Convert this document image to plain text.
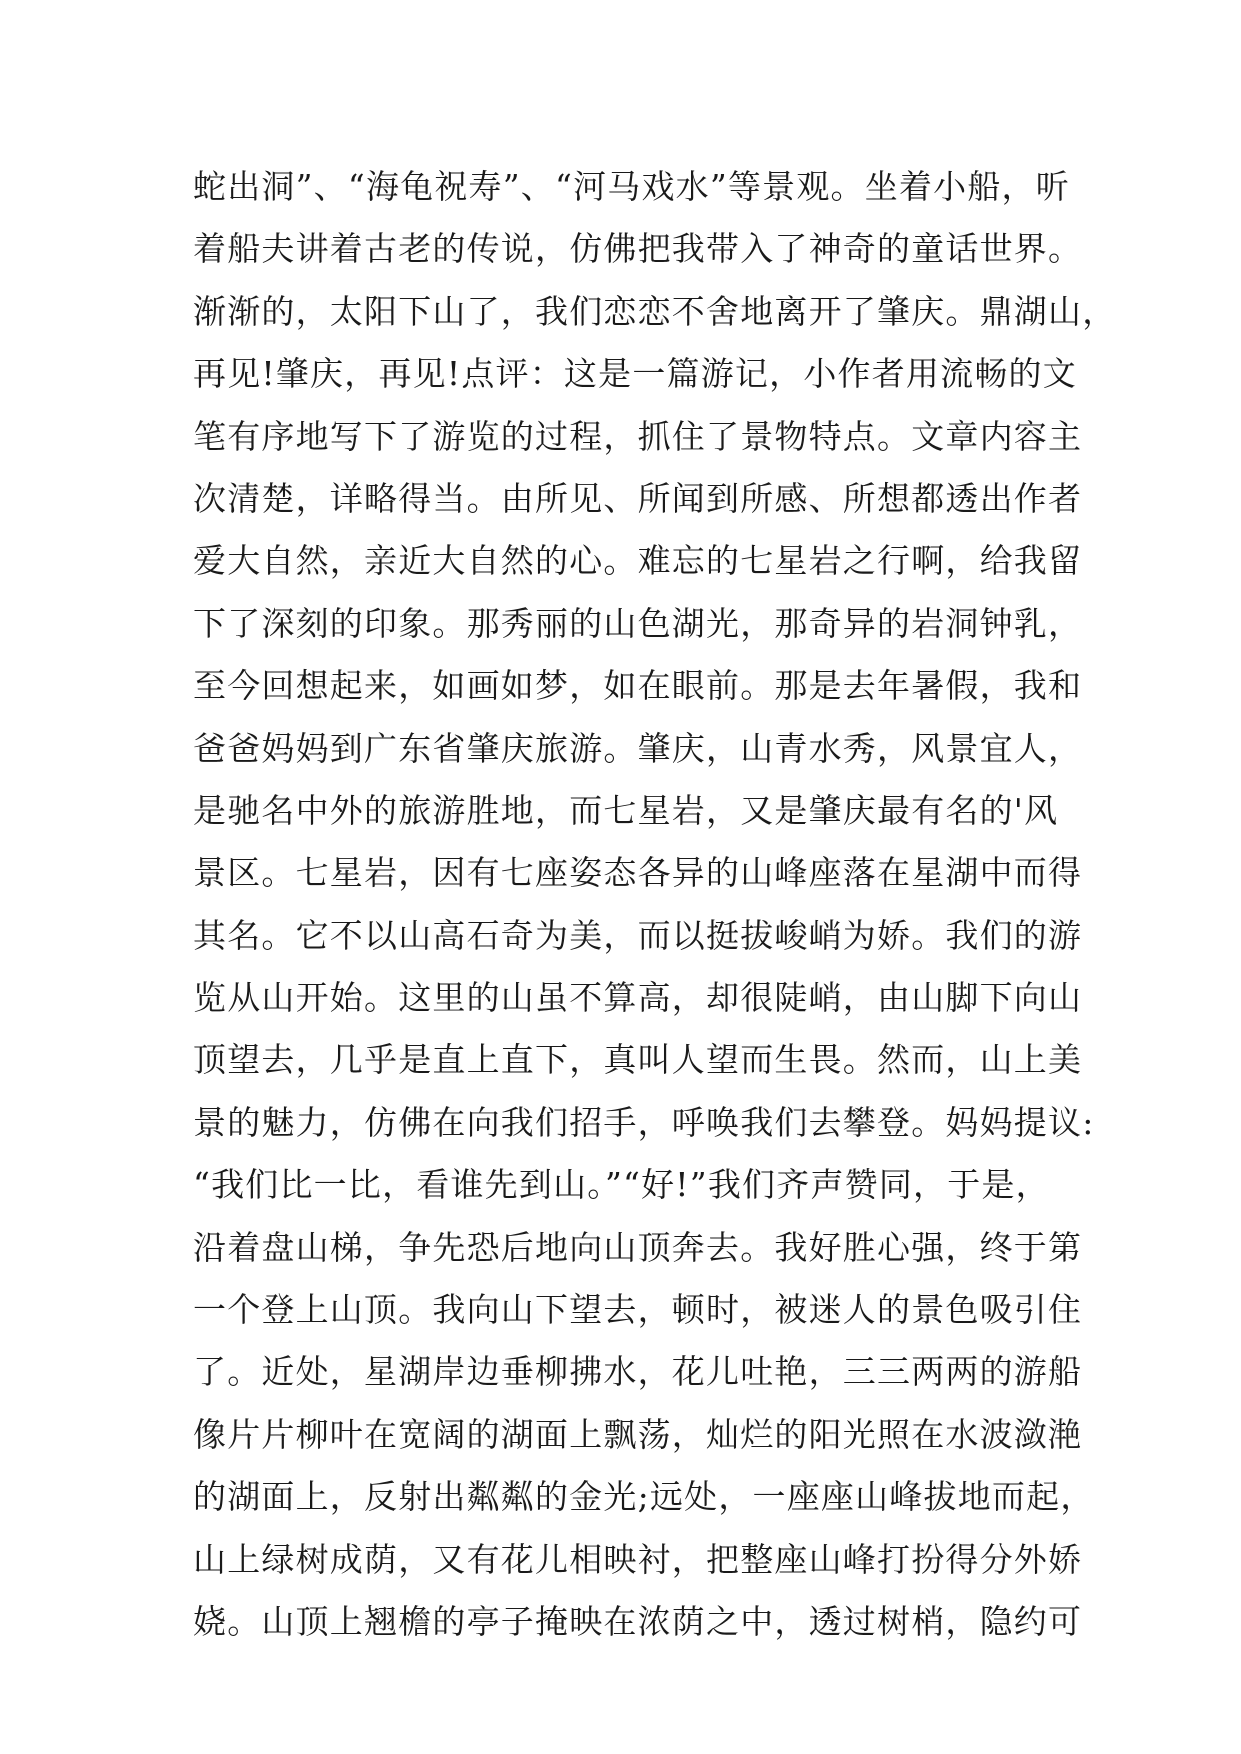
蛇出洞”、“海龟祝寿”、“河马戏水”等景观。坐着小船，听
着船夫讲着古老的传说，仿佛把我带入了神奇的童话世界。
渐渐的，太阳下山了，我们恋恋不舍地离开了肇庆。鼎湖山，
再见!肇庆，再见!点评：这是一篇游记，小作者用流畅的文
笔有序地写下了游览的过程，抓住了景物特点。文章内容主
次清楚，详略得当。由所见、所闻到所感、所想都透出作者
爱大自然，亲近大自然的心。难忘的七星岩之行啊，给我留
下了深刻的印象。那秀丽的山色湖光，那奇异的岩洞钟乳，
至今回想起来，如画如梦，如在眼前。那是去年暑假，我和
爸爸妈妈到广东省肇庆旅游。肇庆，山青水秀，风景宜人，
是驰名中外的旅游胜地，而七星岩，又是肇庆最有名的'风
景区。七星岩，因有七座姿态各异的山峰座落在星湖中而得
其名。它不以山高石奇为美，而以挺拔峻峭为娇。我们的游
览从山开始。这里的山虽不算高，却很陡峭，由山脚下向山
顶望去，几乎是直上直下，真叫人望而生畏。然而，山上美
景的魅力，仿佛在向我们招手，呼唤我们去攀登。妈妈提议:
“我们比一比，看谁先到山。”“好!”我们齐声赞同，于是，
沿着盘山梯，争先恐后地向山顶奔去。我好胜心强，终于第
一个登上山顶。我向山下望去，顿时，被迷人的景色吸引住
了。近处，星湖岸边垂柳拂水，花儿吐艳，三三两两的游船
像片片柳叶在宽阔的湖面上飘荡，灿烂的阳光照在水波潋滟
的湖面上，反射出粼粼的金光;远处，一座座山峰拔地而起，
山上绿树成荫，又有花儿相映衬，把整座山峰打扮得分外娇
娆。山顶上翘檐的亭子掩映在浓荫之中，透过树梢，隐约可
